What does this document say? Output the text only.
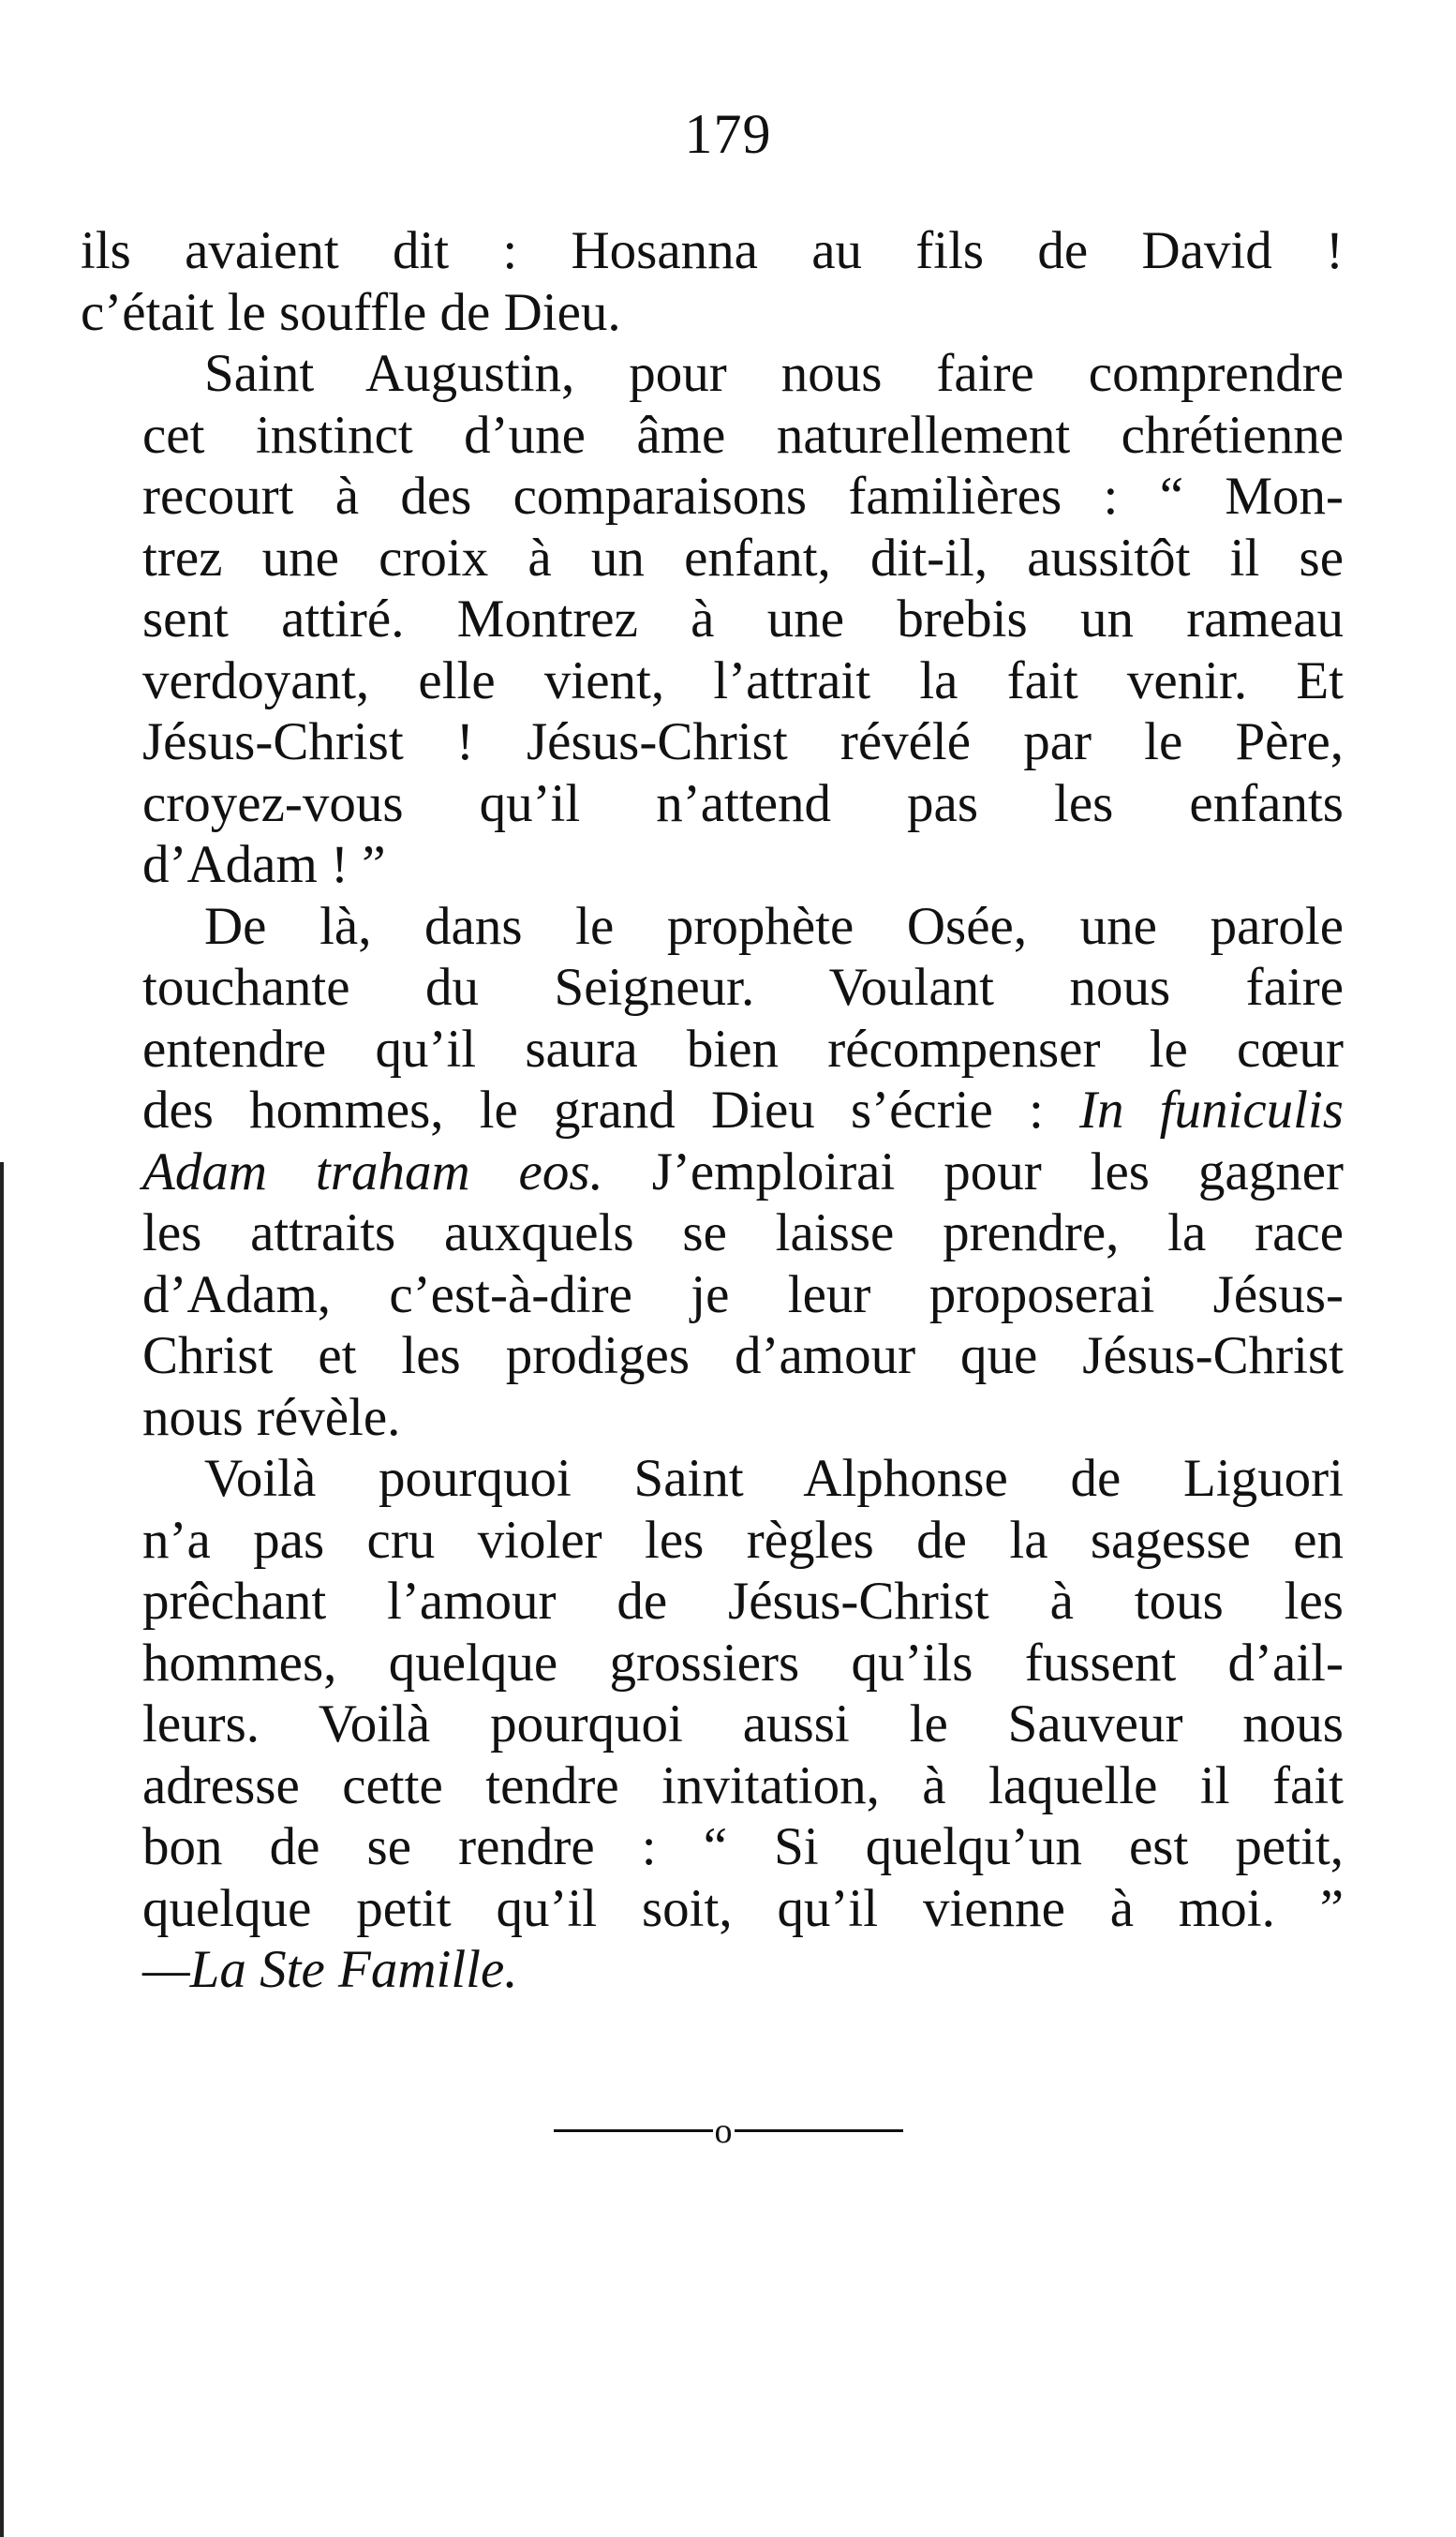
179
ils avaient dit : Hosanna au fils de David !
c’était le souffle de Dieu.
Saint Augustin, pour nous faire comprendre
cet instinct d’une âme naturellement chrétienne
recourt à des comparaisons familières : “ Mon-
trez une croix à un enfant, dit-il, aussitôt il se
sent attiré. Montrez à une brebis un rameau
verdoyant, elle vient, l’attrait la fait venir. Et
Jésus-Christ ! Jésus-Christ révélé par le Père,
croyez-vous qu’il n’attend pas les enfants
d’Adam ! ”
De là, dans le prophète Osée, une parole
touchante du Seigneur. Voulant nous faire
entendre qu’il saura bien récompenser le cœur
des hommes, le grand Dieu s’écrie : In funiculis
Adam traham eos. J’emploirai pour les gagner
les attraits auxquels se laisse prendre, la race
d’Adam, c’est-à-dire je leur proposerai Jésus-
Christ et les prodiges d’amour que Jésus-Christ
nous révèle.
Voilà pourquoi Saint Alphonse de Liguori
n’a pas cru violer les règles de la sagesse en
prêchant l’amour de Jésus-Christ à tous les
hommes, quelque grossiers qu’ils fussent d’ail-
leurs. Voilà pourquoi aussi le Sauveur nous
adresse cette tendre invitation, à laquelle il fait
bon de se rendre : “ Si quelqu’un est petit,
quelque petit qu’il soit, qu’il vienne à moi. ”
—La Ste Famille.
o
